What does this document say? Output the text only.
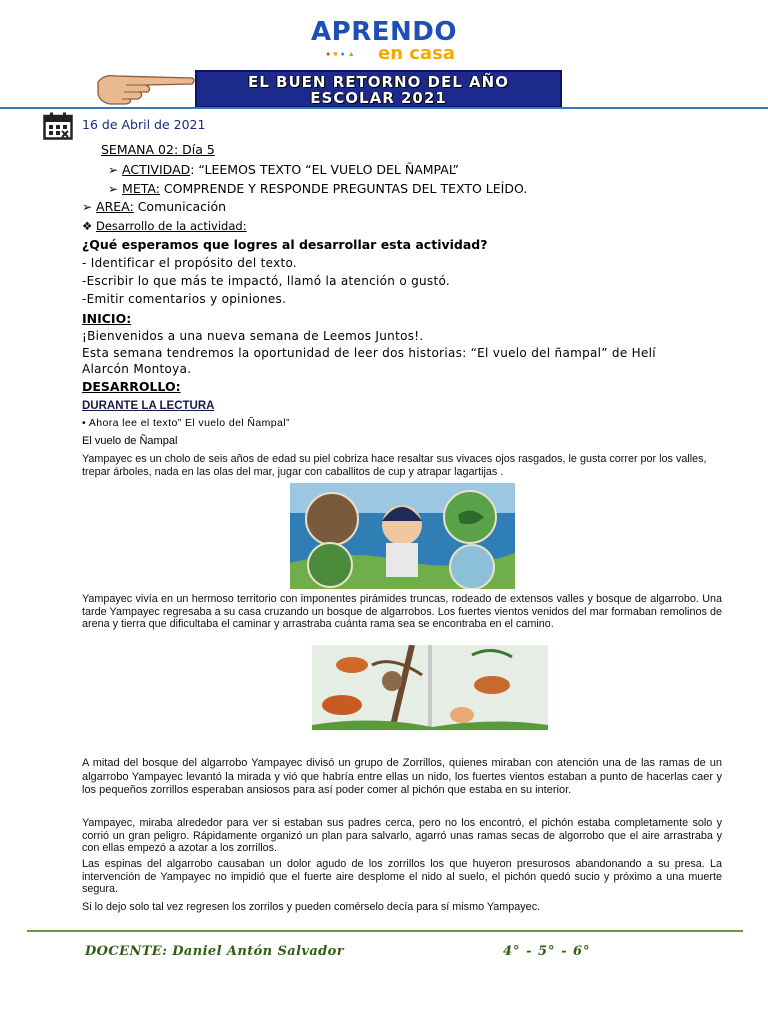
APRENDO
●■●▲ en casa
EL BUEN RETORNO DEL AÑO
ESCOLAR 2021
16 de Abril de 2021
SEMANA 02: Día 5
➢ ACTIVIDAD: “LEEMOS TEXTO “EL VUELO DEL ÑAMPAL”
➢ META: COMPRENDE Y RESPONDE PREGUNTAS DEL TEXTO LEÍDO.
➢ AREA: Comunicación
❖ Desarrollo de la actividad:
¿Qué esperamos que logres al desarrollar esta actividad?
- Identificar el propósito del texto.
-Escribir lo que más te impactó, llamó la atención o gustó.
-Emitir comentarios y opiniones.
INICIO:
¡Bienvenidos a una nueva semana de Leemos Juntos!.
Esta semana tendremos la oportunidad de leer dos historias: “El vuelo del ñampal” de Helí Alarcón Montoya.
DESARROLLO:
DURANTE LA LECTURA
• Ahora lee el texto” El vuelo del Ñampal”
El vuelo de Ñampal
Yampayec es un cholo de seis años de edad su piel cobriza hace resaltar sus vivaces ojos rasgados, le gusta correr por los valles, trepar árboles, nada en las olas del mar, jugar con caballitos de cup y atrapar lagartijas .
Yampayec vivía en un hermoso territorio con imponentes pirámides truncas, rodeado de extensos valles y bosque de algarrobo. Una tarde Yampayec regresaba a su casa cruzando un bosque de algarrobos. Los fuertes vientos venidos del mar formaban remolinos de arena y tierra que dificultaba el caminar y arrastraba cuánta rama sea se encontraba en el camino.
A mitad del bosque del algarrobo Yampayec divisó un grupo de Zorrillos, quienes miraban con atención una de las ramas de un algarrobo Yampayec levantó la mirada y vió que habría entre ellas un nido, los fuertes vientos estaban a punto de hacerlas caer y los pequeños zorrillos esperaban ansiosos para así poder comer al pichón que estaba en su interior.
Yampayec, miraba alrededor para ver si estaban sus padres cerca, pero no los encontró, el pichón estaba completamente solo y corrió un gran peligro. Rápidamente organizó un plan para salvarlo, agarró unas ramas secas de algorrobo que el aire arrastraba y con ellas empezó a azotar a los zorrillos.
Las espinas del algarrobo causaban un dolor agudo de los zorrillos los que huyeron presurosos abandonando a su presa. La intervención de Yampayec no impidió que el fuerte aire desplome el nido al suelo, el pichón quedó sucio y próximo a una muerte segura.
Si lo dejo solo tal vez regresen los zorrilos y pueden comérselo decía para sí mismo Yampayec.
DOCENTE: Daniel Antón Salvador	4° - 5° - 6°
